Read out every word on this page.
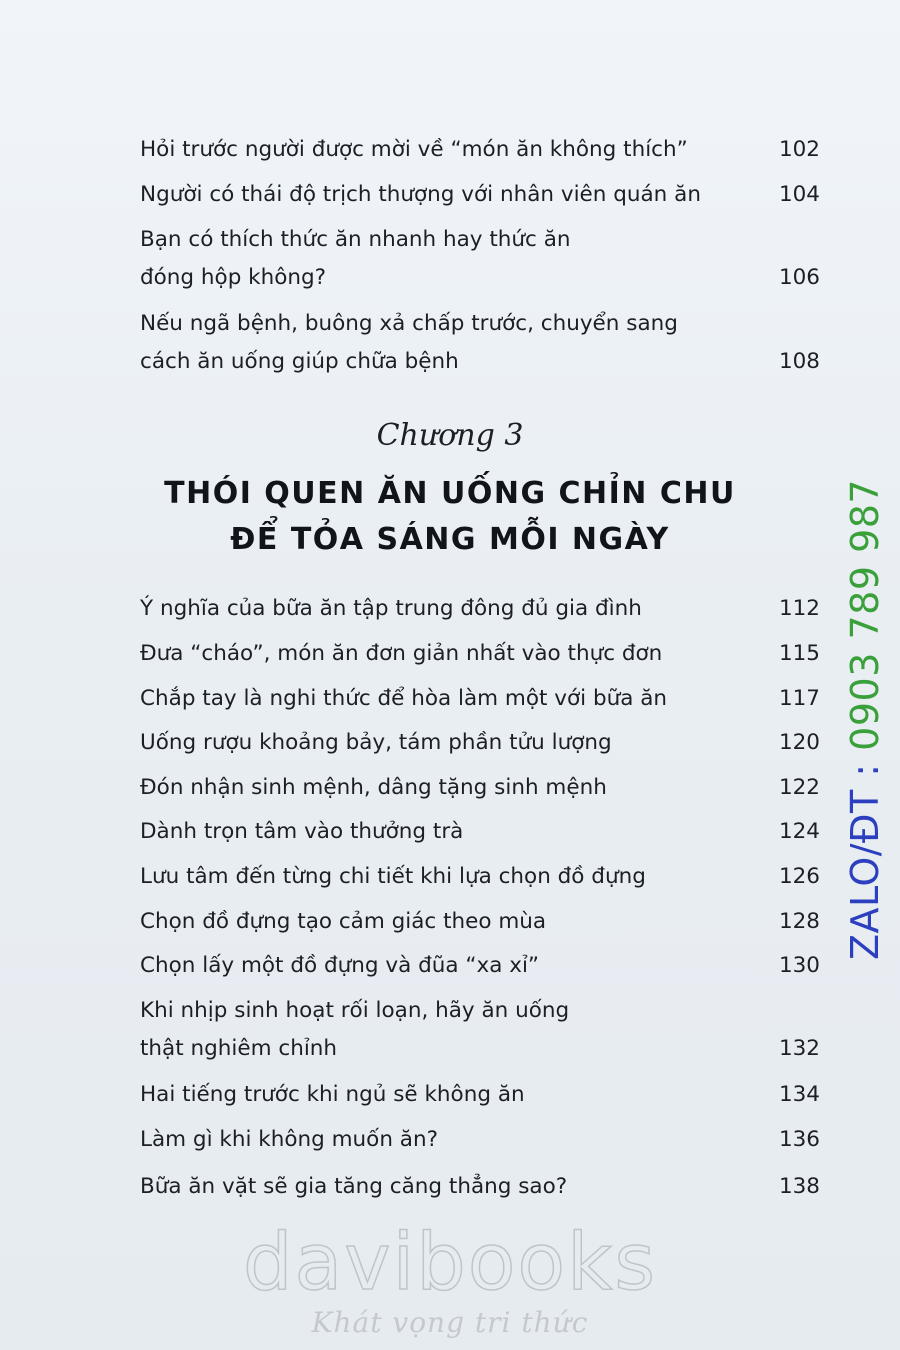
Hỏi trước người được mời về “món ăn không thích”	102
Người có thái độ trịch thượng với nhân viên quán ăn	104
Bạn có thích thức ăn nhanh hay thức ăn
đóng hộp không?	106
Nếu ngã bệnh, buông xả chấp trước, chuyển sang
cách ăn uống giúp chữa bệnh	108
Chương 3
THÓI QUEN ĂN UỐNG CHỈN CHU
ĐỂ TỎA SÁNG MỖI NGÀY
Ý nghĩa của bữa ăn tập trung đông đủ gia đình	112
Đưa “cháo”, món ăn đơn giản nhất vào thực đơn	115
Chắp tay là nghi thức để hòa làm một với bữa ăn	117
Uống rượu khoảng bảy, tám phần tửu lượng	120
Đón nhận sinh mệnh, dâng tặng sinh mệnh	122
Dành trọn tâm vào thưởng trà	124
Lưu tâm đến từng chi tiết khi lựa chọn đồ đựng	126
Chọn đồ đựng tạo cảm giác theo mùa	128
Chọn lấy một đồ đựng và đũa “xa xỉ”	130
Khi nhịp sinh hoạt rối loạn, hãy ăn uống
thật nghiêm chỉnh	132
Hai tiếng trước khi ngủ sẽ không ăn	134
Làm gì khi không muốn ăn?	136
Bữa ăn vặt sẽ gia tăng căng thẳng sao?	138
ZALO/ĐT : 0903 789 987
davibooks
Khát vọng tri thức
